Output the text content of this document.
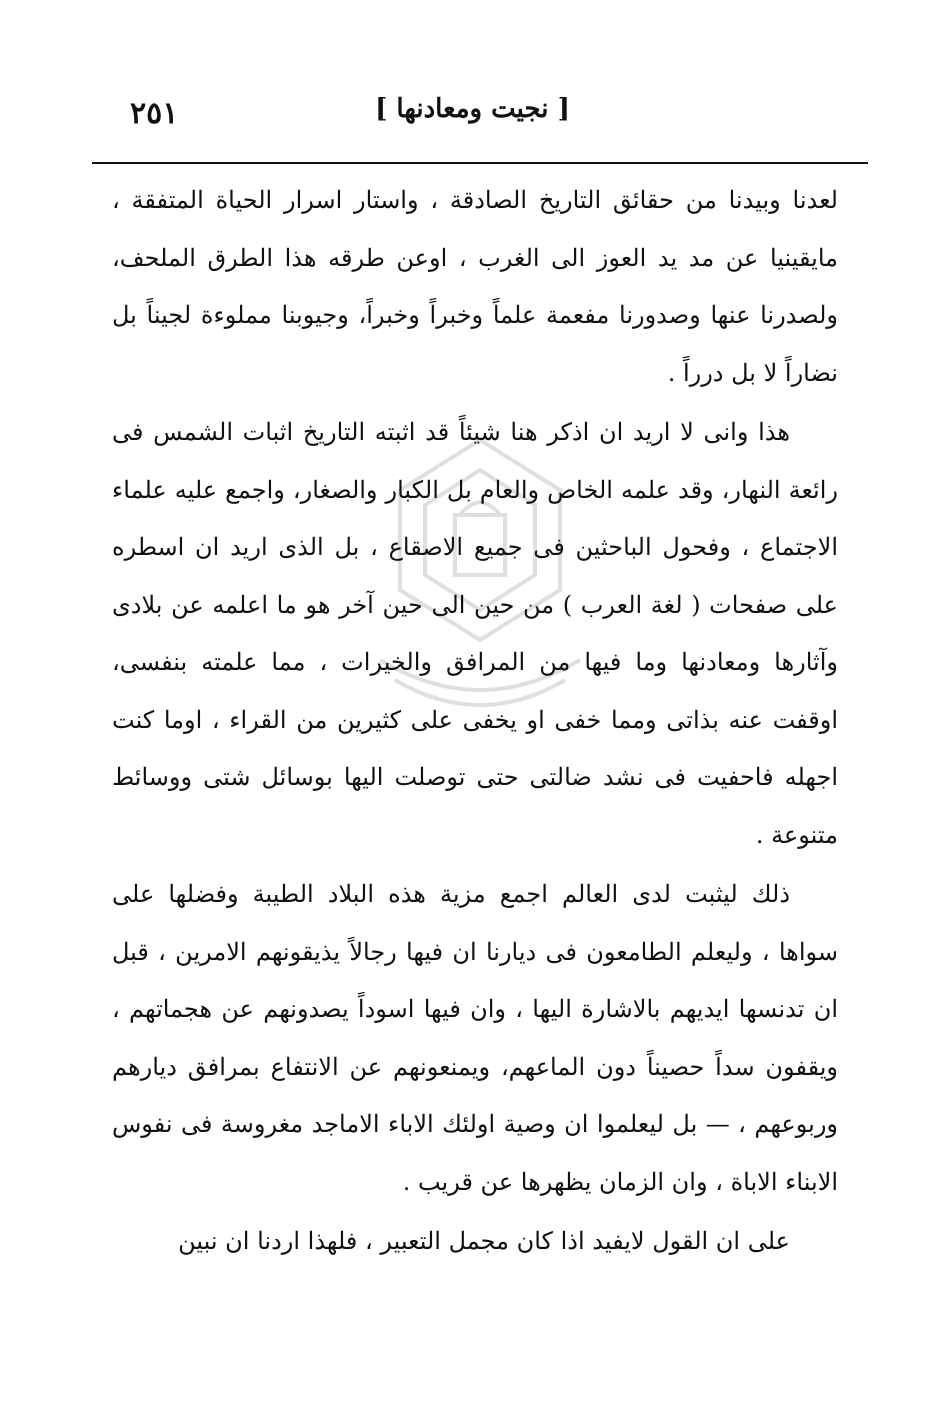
٢٥١	[ نجيت ومعادنها ]

لعدنا وبيدنا من حقائق التاريخ الصادقة ، واستار اسرار الحياة المتفقة ، مايقينيا عن مد يد العوز الى الغرب ، اوعن طرقه هذا الطرق الملحف، ولصدرنا عنها وصدورنا مفعمة علماً وخبراً وخبراً، وجيوبنا مملوءة لجيناً بل نضاراً لا بل درراً .

هذا وانى لا اريد ان اذكر هنا شيئاً قد اثبته التاريخ اثبات الشمس فى رائعة النهار، وقد علمه الخاص والعام بل الكبار والصغار، واجمع عليه علماء الاجتماع ، وفحول الباحثين فى جميع الاصقاع ، بل الذى اريد ان اسطره على صفحات ( لغة العرب ) من حين الى حين آخر هو ما اعلمه عن بلادى وآثارها ومعادنها وما فيها من المرافق والخيرات ، مما علمته بنفسى، اوقفت عنه بذاتى ومما خفى او يخفى على كثيرين من القراء ، اوما كنت اجهله فاحفيت فى نشد ضالتى حتى توصلت اليها بوسائل شتى ووسائط متنوعة .

ذلك ليثبت لدى العالم اجمع مزية هذه البلاد الطيبة وفضلها على سواها ، وليعلم الطامعون فى ديارنا ان فيها رجالاً يذيقونهم الامرين ، قبل ان تدنسها ايديهم بالاشارة اليها ، وان فيها اسوداً يصدونهم عن هجماتهم ، ويقفون سداً حصيناً دون الماعهم، ويمنعونهم عن الانتفاع بمرافق ديارهم وربوعهم ، — بل ليعلموا ان وصية اولئك الاباء الاماجد مغروسة فى نفوس الابناء الاباة ، وان الزمان يظهرها عن قريب .

على ان القول لايفيد اذا كان مجمل التعبير ، فلهذا اردنا ان نبين
